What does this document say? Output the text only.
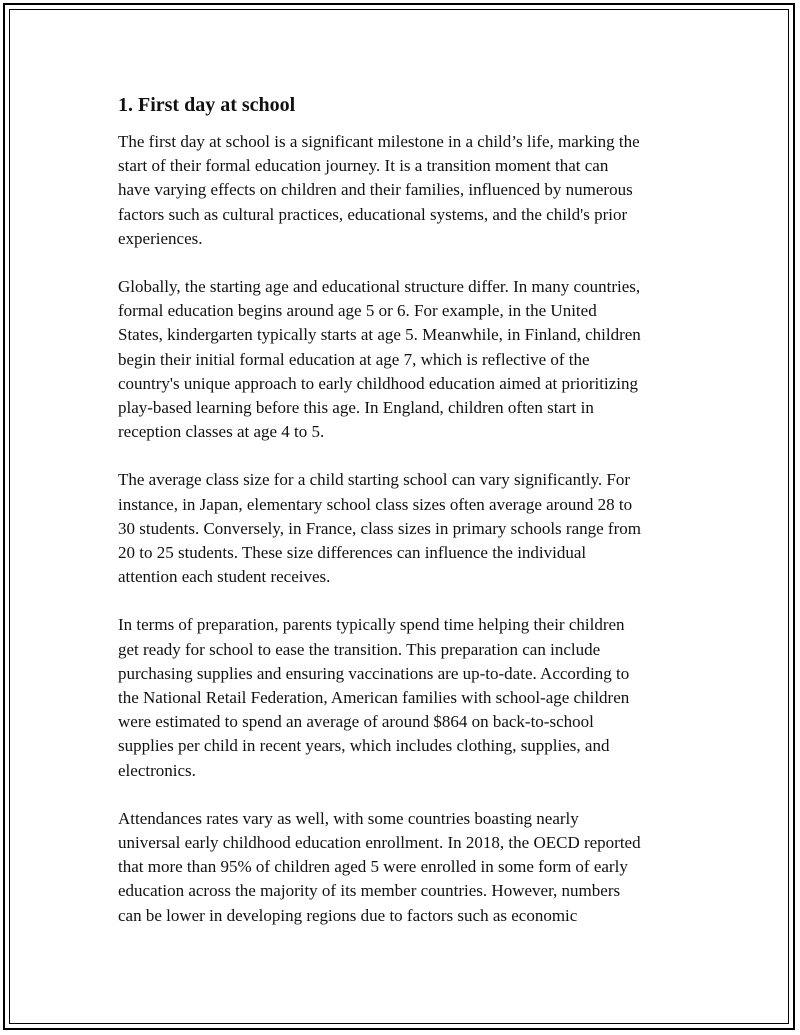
1. First day at school

The first day at school is a significant milestone in a child’s life, marking the
start of their formal education journey. It is a transition moment that can
have varying effects on children and their families, influenced by numerous
factors such as cultural practices, educational systems, and the child's prior
experiences.

Globally, the starting age and educational structure differ. In many countries,
formal education begins around age 5 or 6. For example, in the United
States, kindergarten typically starts at age 5. Meanwhile, in Finland, children
begin their initial formal education at age 7, which is reflective of the
country's unique approach to early childhood education aimed at prioritizing
play-based learning before this age. In England, children often start in
reception classes at age 4 to 5.

The average class size for a child starting school can vary significantly. For
instance, in Japan, elementary school class sizes often average around 28 to
30 students. Conversely, in France, class sizes in primary schools range from
20 to 25 students. These size differences can influence the individual
attention each student receives.

In terms of preparation, parents typically spend time helping their children
get ready for school to ease the transition. This preparation can include
purchasing supplies and ensuring vaccinations are up-to-date. According to
the National Retail Federation, American families with school-age children
were estimated to spend an average of around $864 on back-to-school
supplies per child in recent years, which includes clothing, supplies, and
electronics.

Attendances rates vary as well, with some countries boasting nearly
universal early childhood education enrollment. In 2018, the OECD reported
that more than 95% of children aged 5 were enrolled in some form of early
education across the majority of its member countries. However, numbers
can be lower in developing regions due to factors such as economic
